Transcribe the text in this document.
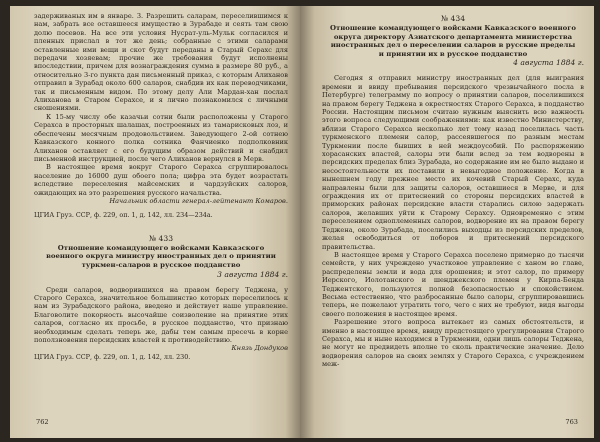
задерживаных им в январе. 3. Разрешить саларам, переселившимся к нам, забрать все оставшееся имущество в Зурабаде и сеять там свою долю посевов. На все эти условия Нусрат-уль-Мульк согласился и пленных прислал в тот же день; собранные с этими саларами оставленные ими вещи и скот будут переданы в Старый Серахс для передачи хозяевам; прочие же требования будут исполнены впоследствии, причем для вознаграждения сумма в размере 80 руб., а относительно 3-го пункта дан письменный приказ, с которым Алиханов отправил в Зурабад около 600 саларов, снабдив их как переводчиками, так и письменным видом. По этому делу Али Мардан-хан послал Алиханова в Старом Серахсе, и я лично познакомился с личными сношениями.

К 15-му числу обе казачьи сотни были расположены у Старого Серахса в просторных шалашах, построенных из тамарисковых лоз, и обеспечены месячным продовольствием. Заведующего 2-ой сотнею Кавказского конного полка сотника Фанчиенко подполковник Алиханов оставляет с его будущим образом действий и снабдил письменной инструкцией, после чего Алиханов вернулся в Мерв.

В настоящее время вокруг Старого Серахса сгруппировалось население до 16000 душ обоего пола; цифра эта будет возрастать вследствие переселения майсемских и чардзуйских салоров, ожидающих на это разрешения русского начальства.

Начальник области генерал-лейтенант Комаров.

ЦГИА Груз. ССР, ф. 229, оп. 1, д. 142, лл. 234—234а.

№ 433

Отношение командующего войсками Кавказского военного округа министру иностранных дел о принятии туркмен-саларов в русское подданство

3 августа 1884 г.

Среди саларов, водворившихся на правом берегу Теджена, у Старого Серахса, значительное большинство которых переселилось к нам из Зурабадского района, введено и действует наше управление. Благоволите покорность высочайше соизволение на принятие этих саларов, согласно их просьбе, в русское подданство, что признаю необходимым сделать теперь же, дабы тем самым пресечь в корне поползновения персидских властей к противодействию.

Князь Дондуков

ЦГИА Груз. ССР, ф. 229, оп. 1, д. 142, лл. 230.

762

№ 434

Отношение командующего войсками Кавказского военного округа директору Азиатского департамента министерства иностранных дел о переселении саларов в русские пределы и принятии их в русское подданство

4 августа 1884 г.

Сегодня я отправил министру иностранных дел (для выиграния времени и ввиду пребывания персидского чрезвычайного посла в Петербурге) телеграмму по вопросу о принятии саларов, поселившихся на правом берегу Теджена в окрестностях Старого Серахса, в подданство России. Настоящим письмом считаю нужным выяснить всю важность этого вопроса следующими соображениями: как известно Министерству, вблизи Старого Серахса несколько лет тому назад поселилась часть туркменского племени салор, рассеявшегося по разным местам Туркмении после бывших в ней междоусобий. По распоряжению хорасанских властей, салоры эти были вслед за тем водворены в персидских пределах близ Зурабада, но содержание им не было выдано и несостоятельности их поставили в невыгодное положение. Когда в нынешнем году прежнее место их кочевий Старый Серахс, куда направлены были для защиты салоров, оставшиеся в Мерве, и для ограждения их от притеснений со стороны персидских властей в приморских районах персидские власти старались силою задержать салоров, желавших уйти к Старому Серахсу. Одновременно с этим переселением одноплеменных салоров, водворение их на правом берегу Теджена, около Зурабада, поселились выходцы из персидских пределов, желая освободиться от поборов и притеснений персидского правительства.

В настоящее время у Старого Серахса поселено примерно до тысячи семейств, у них учреждено участковое управление с ханом во главе, распределены земли и вода для орошения; и этот салор, по примеру Иерского, Иолотанского и шенджекского племен у Кирпа-Бенда Теджентского, пользуются полной безопасностью и спокойствием. Весьма естественно, что разбросанные было салоры, сгруппировавшись теперь, не пожелают утратить того, чего с них не требуют, видя выгоды своего положения в настоящее время.

Разрешение этого вопроса вытекает из самых обстоятельств, и именно в настоящее время, ввиду предстоящего урегулирования Старого Серахса, мы и ныне находимся в Туркмении, одни лишь салоры Теджена, не могут не предвидеть вполне то сколь практические значение. Дело водворения салоров на своих землях у Старого Серахса, с учреждением меж-

763
